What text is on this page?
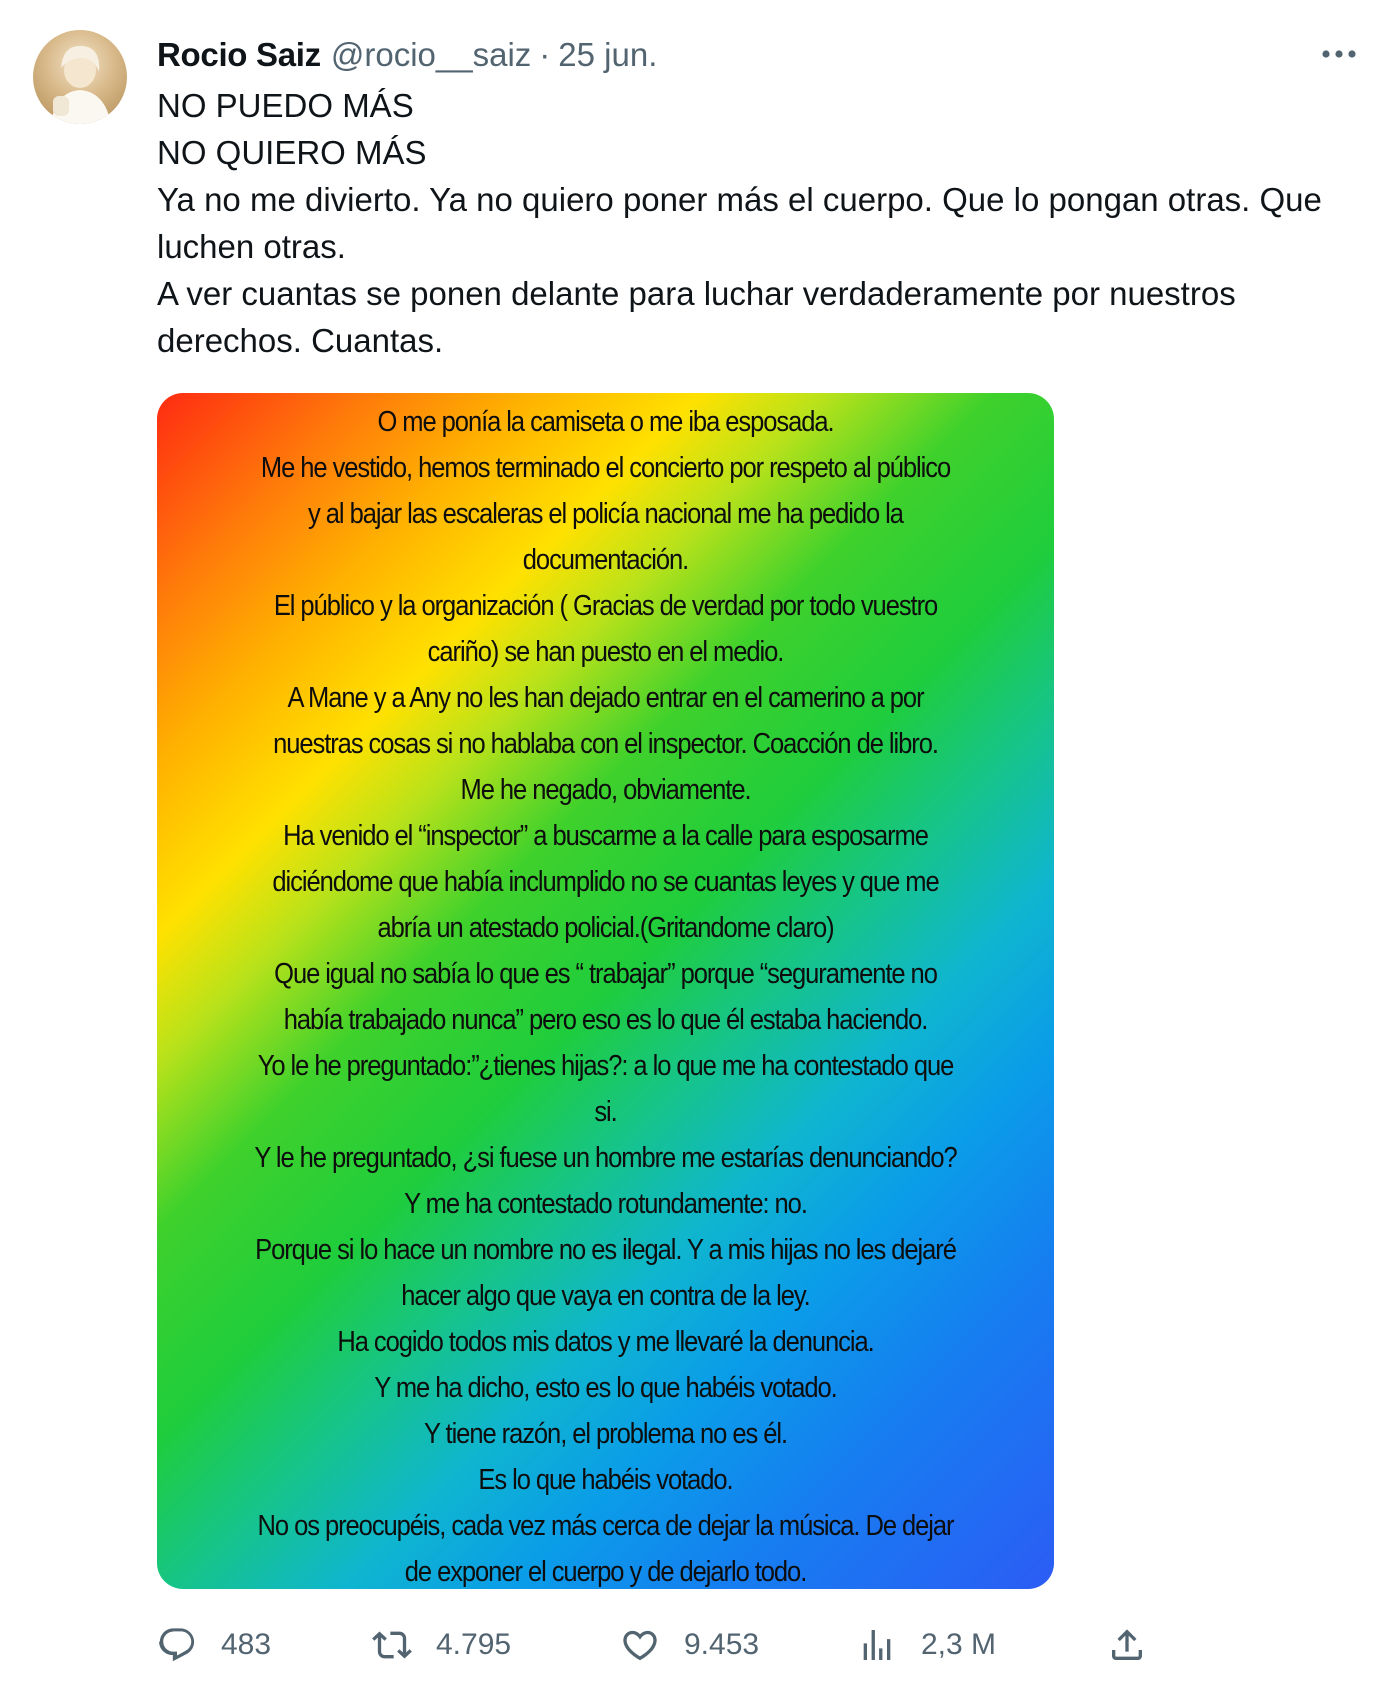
Rocio Saiz @rocio__saiz · 25 jun.

NO PUEDO MÁS

NO QUIERO MÁS

Ya no me divierto. Ya no quiero poner más el cuerpo. Que lo pongan otras. Que luchen otras.

A ver cuantas se ponen delante para luchar verdaderamente por nuestros derechos. Cuantas.

O me ponía la camiseta o me iba esposada.
Me he vestido, hemos terminado el concierto por respeto al público
y al bajar las escaleras el policía nacional me ha pedido la
documentación.
El público y la organización ( Gracias de verdad por todo vuestro
cariño) se han puesto en el medio.
A Mane y a Any no les han dejado entrar en el camerino a por
nuestras cosas si no hablaba con el inspector. Coacción de libro.
Me he negado, obviamente.
Ha venido el “inspector” a buscarme a la calle para esposarme
diciéndome que había inclumplido no se cuantas leyes y que me
abría un atestado policial.(Gritandome claro)
Que igual no sabía lo que es “ trabajar” porque “seguramente no
había trabajado nunca” pero eso es lo que él estaba haciendo.
Yo le he preguntado:”¿tienes hijas?: a lo que me ha contestado que
si.
Y le he preguntado, ¿si fuese un hombre me estarías denunciando?
Y me ha contestado rotundamente: no.
Porque si lo hace un nombre no es ilegal. Y a mis hijas no les dejaré
hacer algo que vaya en contra de la ley.
Ha cogido todos mis datos y me llevaré la denuncia.
Y me ha dicho, esto es lo que habéis votado.
Y tiene razón, el problema no es él.
Es lo que habéis votado.
No os preocupéis, cada vez más cerca de dejar la música. De dejar
de exponer el cuerpo y de dejarlo todo.
483	4.795	9.453	2,3 M
